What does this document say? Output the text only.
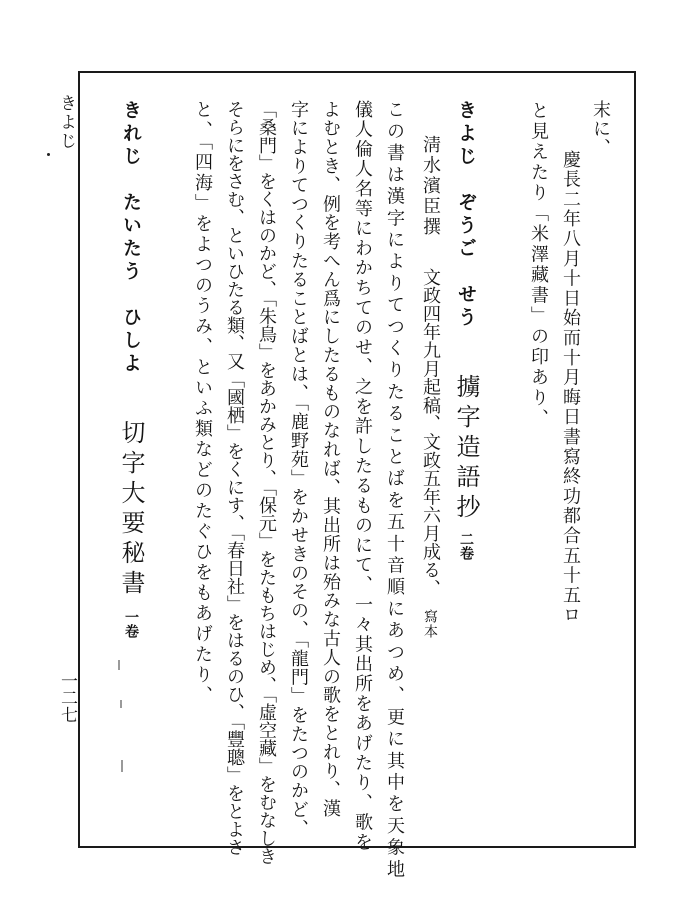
きよじ
一二七
末に、
慶長二年八月十日始而十月晦日書寫終功都合五十五ロ
と見えたり「米澤藏書」の印あり、
きよじ　ぞうご　せう擄字造語抄二卷
淸水濱臣撰文政四年九月起稿、文政五年六月成る、寫本
この書は漢字によりてつくりたることばを五十音順にあつめ、更に其中を天象地
儀人倫人名等にわかちてのせ、之を許したるものにて、一々其出所をあげたり、歌を
よむとき、例を考へん爲にしたるものなれば、其出所は殆みな古人の歌をとれり、漢
字によりてつくりたることばとは、「鹿野苑」をかせきのその、「龍門」をたつのかど、
「桑門」をくはのかど、「朱鳥」をあかみとり、「保元」をたもちはじめ、「虛空藏」をむなしき
そらにをさむ、といひたる類、又「國栖」をくにす、「春日社」をはるのひ、「豐聰」をとよさ
と、「四海」をよつのうみ、といふ類などのたぐひをもあげたり、
きれじ　たいたう　ひしよ切字大要秘書一卷
